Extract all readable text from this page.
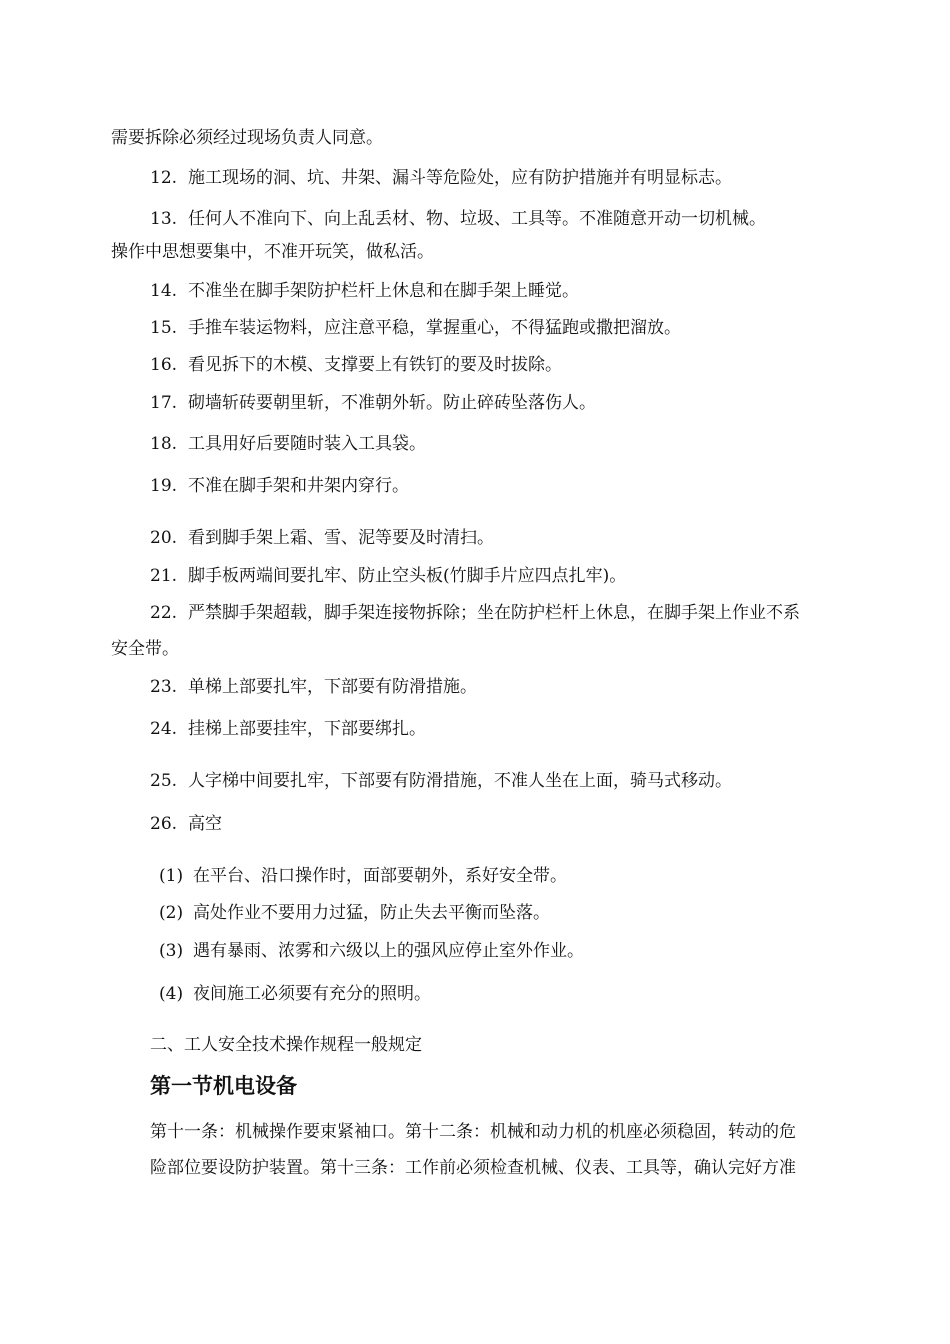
需要拆除必须经过现场负责人同意。
12. 施工现场的洞、坑、井架、漏斗等危险处，应有防护措施并有明显标志。
13. 任何人不准向下、向上乱丢材、物、垃圾、工具等。不准随意开动一切机械。
操作中思想要集中，不准开玩笑，做私活。
14. 不准坐在脚手架防护栏杆上休息和在脚手架上睡觉。
15. 手推车装运物料，应注意平稳，掌握重心，不得猛跑或撒把溜放。
16. 看见拆下的木模、支撑要上有铁钉的要及时拔除。
17. 砌墙斩砖要朝里斩，不准朝外斩。防止碎砖坠落伤人。
18. 工具用好后要随时装入工具袋。
19. 不准在脚手架和井架内穿行。
20. 看到脚手架上霜、雪、泥等要及时清扫。
21. 脚手板两端间要扎牢、防止空头板(竹脚手片应四点扎牢)。
22. 严禁脚手架超载，脚手架连接物拆除；坐在防护栏杆上休息，在脚手架上作业不系
安全带。
23. 单梯上部要扎牢，下部要有防滑措施。
24. 挂梯上部要挂牢，下部要绑扎。
25. 人字梯中间要扎牢，下部要有防滑措施，不准人坐在上面，骑马式移动。
26. 高空
(1) 在平台、沿口操作时，面部要朝外，系好安全带。
(2) 高处作业不要用力过猛，防止失去平衡而坠落。
(3) 遇有暴雨、浓雾和六级以上的强风应停止室外作业。
(4) 夜间施工必须要有充分的照明。
二、工人安全技术操作规程一般规定
第一节机电设备
第十一条：机械操作要束紧袖口。第十二条：机械和动力机的机座必须稳固，转动的危
险部位要设防护装置。第十三条：工作前必须检查机械、仪表、工具等，确认完好方准
